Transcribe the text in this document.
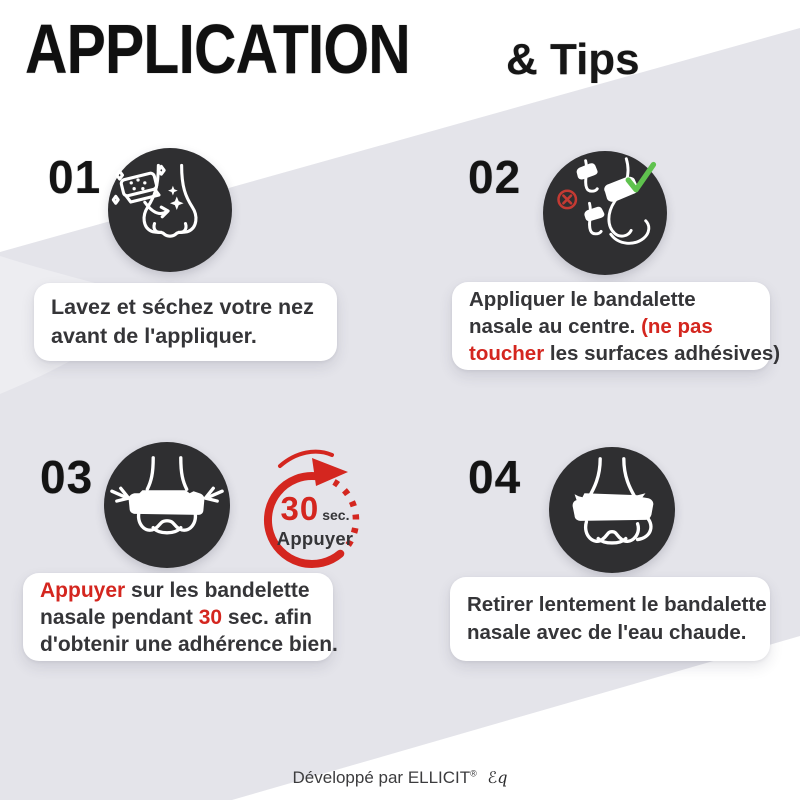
APPLICATION & Tips
01
Lavez et séchez votre nez
avant de l'appliquer.
02
Appliquer le bandalette
nasale au centre. (ne pas
toucher les surfaces adhésives)
03
Appuyer sur les bandelette
nasale pendant 30 sec. afin
d'obtenir une adhérence bien.
30 sec.
Appuyer
04
Retirer lentement le bandalette
nasale avec de l'eau chaude.
Développé par ELLICIT® ℰq
